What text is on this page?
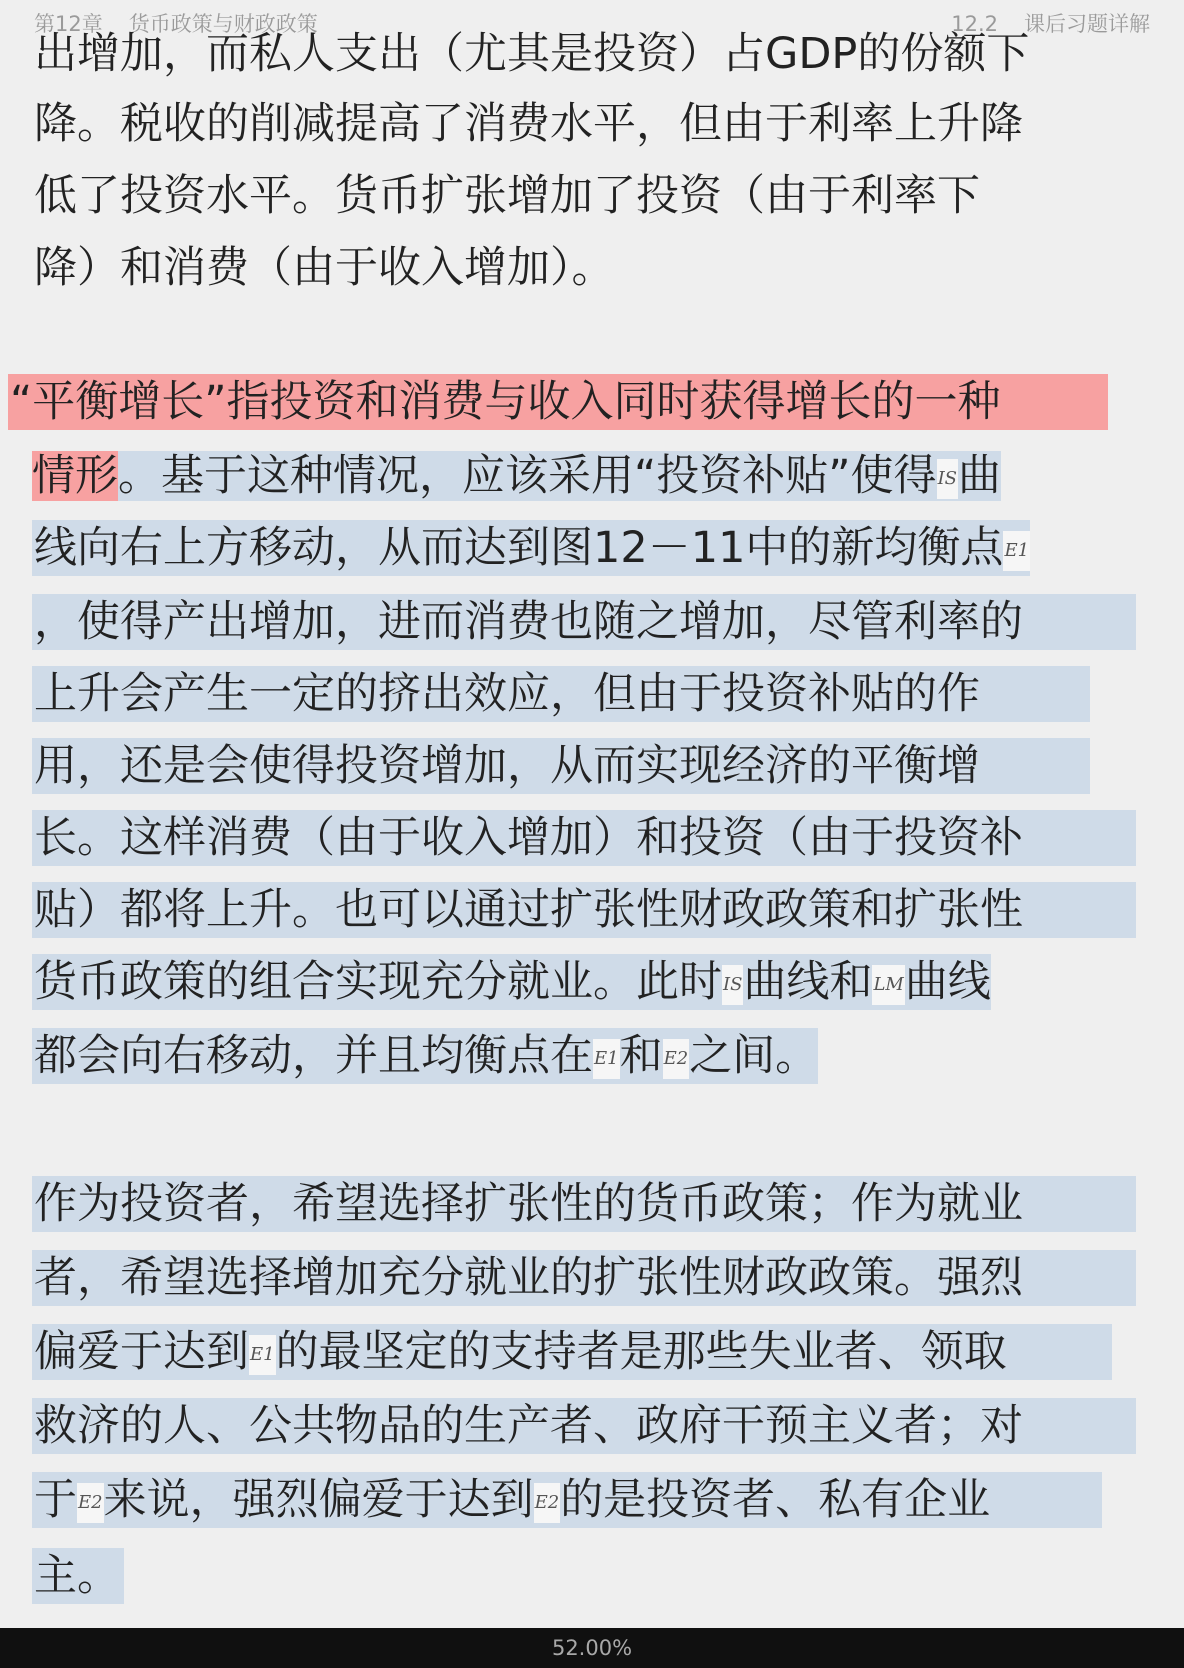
第12章 货币政策与财政政策	12.2 课后习题详解
出增加，而私人支出（尤其是投资）占GDP的份额下
降。税收的削减提高了消费水平，但由于利率上升降
低了投资水平。货币扩张增加了投资（由于利率下
降）和消费（由于收入增加）。
“平衡增长”指投资和消费与收入同时获得增长的一种
情形。基于这种情况，应该采用“投资补贴”使得IS曲
线向右上方移动，从而达到图12－11中的新均衡点E1
，使得产出增加，进而消费也随之增加，尽管利率的
上升会产生一定的挤出效应，但由于投资补贴的作
用，还是会使得投资增加，从而实现经济的平衡增
长。这样消费（由于收入增加）和投资（由于投资补
贴）都将上升。也可以通过扩张性财政政策和扩张性
货币政策的组合实现充分就业。此时IS曲线和LM曲线
都会向右移动，并且均衡点在E1和E2之间。
作为投资者，希望选择扩张性的货币政策；作为就业
者，希望选择增加充分就业的扩张性财政政策。强烈
偏爱于达到E1的最坚定的支持者是那些失业者、领取
救济的人、公共物品的生产者、政府干预主义者；对
于E2来说，强烈偏爱于达到E2的是投资者、私有企业
主。
52.00%
